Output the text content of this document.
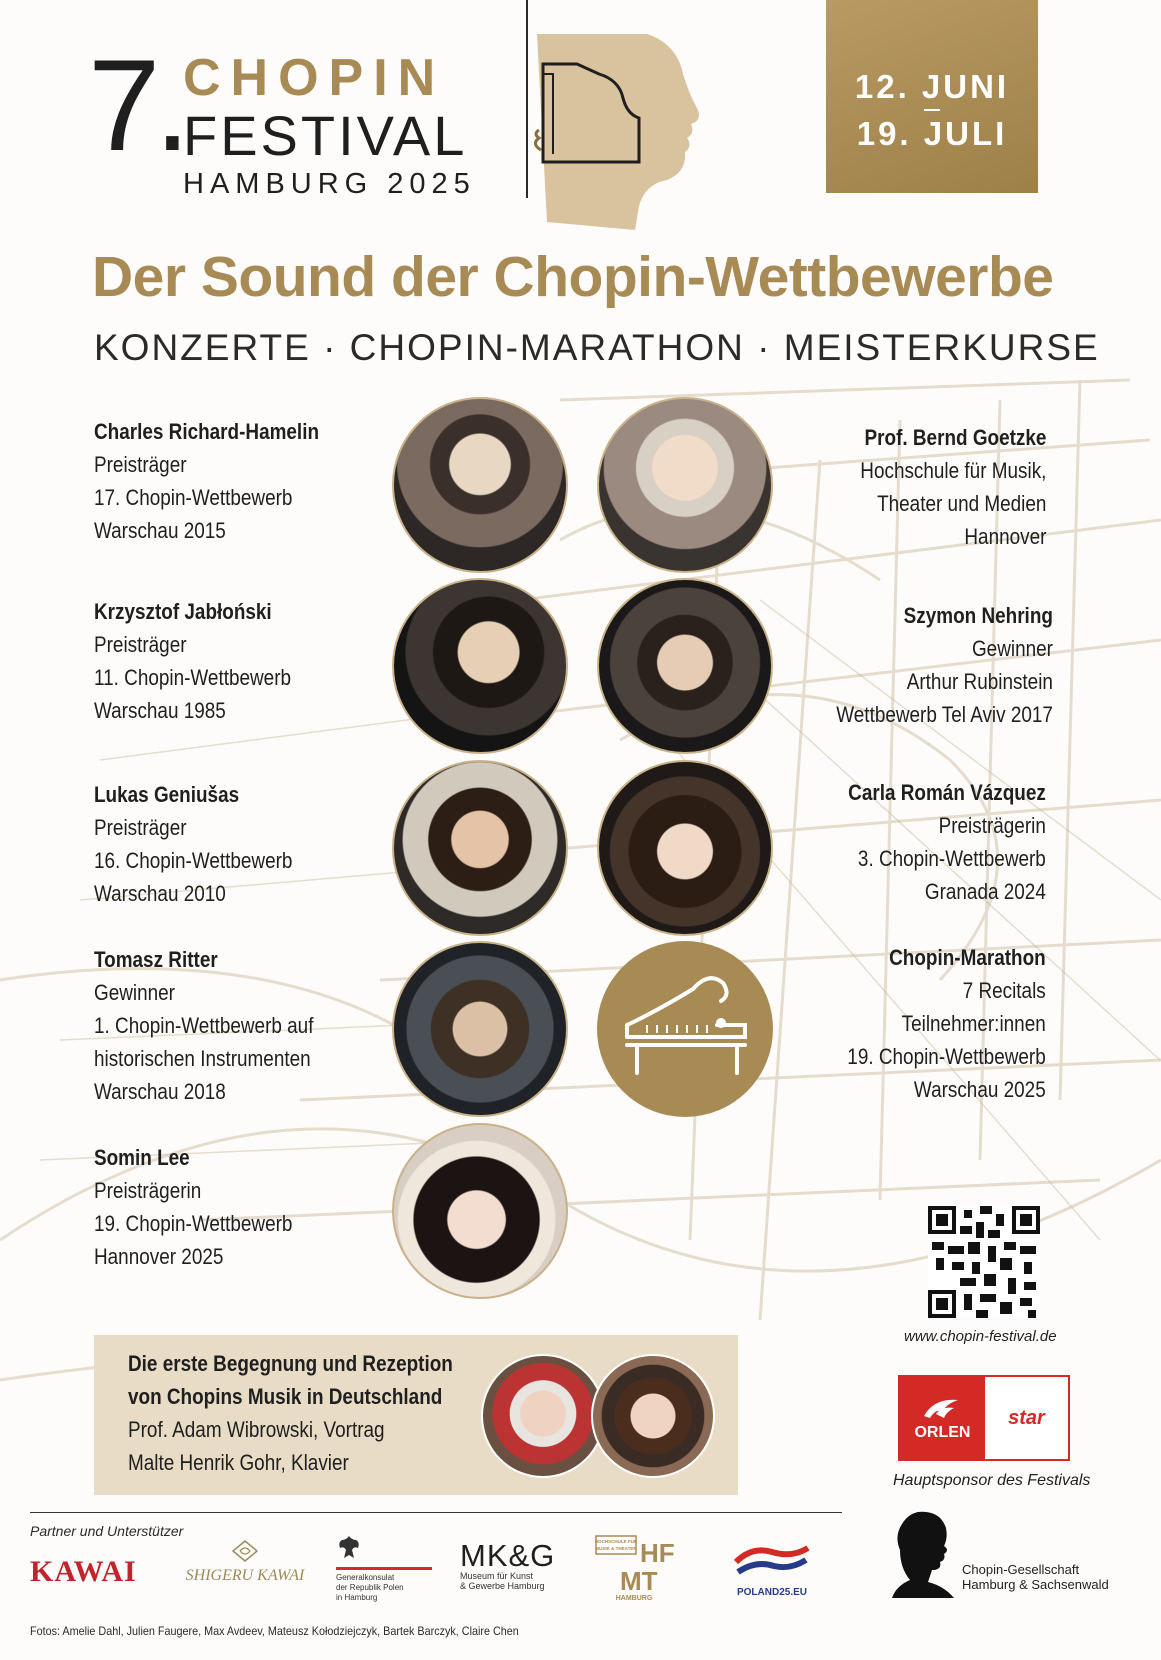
7.
CHOPIN
FESTIVAL
HAMBURG 2025
12. JUNI
19. JULI
Der Sound der Chopin-Wettbewerbe
KONZERTE · CHOPIN-MARATHON · MEISTERKURSE
Charles Richard-Hamelin
Preisträger
17. Chopin-Wettbewerb
Warschau 2015
Krzysztof Jabłoński
Preisträger
11. Chopin-Wettbewerb
Warschau 1985
Lukas Geniušas
Preisträger
16. Chopin-Wettbewerb
Warschau 2010
Tomasz Ritter
Gewinner
1. Chopin-Wettbewerb auf
historischen Instrumenten
Warschau 2018
Somin Lee
Preisträgerin
19. Chopin-Wettbewerb
Hannover 2025
Prof. Bernd Goetzke
Hochschule für Musik,
Theater und Medien
Hannover
Szymon Nehring
Gewinner
Arthur Rubinstein
Wettbewerb Tel Aviv 2017
Carla Román Vázquez
Preisträgerin
3. Chopin-Wettbewerb
Granada 2024
Chopin-Marathon
7 Recitals
Teilnehmer:innen
19. Chopin-Wettbewerb
Warschau 2025
www.chopin-festival.de
ORLEN
star
Hauptsponsor des Festivals
Die erste Begegnung und Rezeption
von Chopins Musik in Deutschland
Prof. Adam Wibrowski, Vortrag
Malte Henrik Gohr, Klavier
Partner und Unterstützer
KAWAI	SHIGERU KAWAI	Generalkonsulat
der Republik Polen
in Hamburg
MK&G
Museum für Kunst
& Gewerbe Hamburg
HOCHSCHULE FÜR
MUSIK & THEATER HF
MT
HAMBURG
POLAND25.EU
Chopin-Gesellschaft
Hamburg & Sachsenwald
Fotos: Amelie Dahl, Julien Faugere, Max Avdeev, Mateusz Kołodziejczyk, Bartek Barczyk, Claire Chen
